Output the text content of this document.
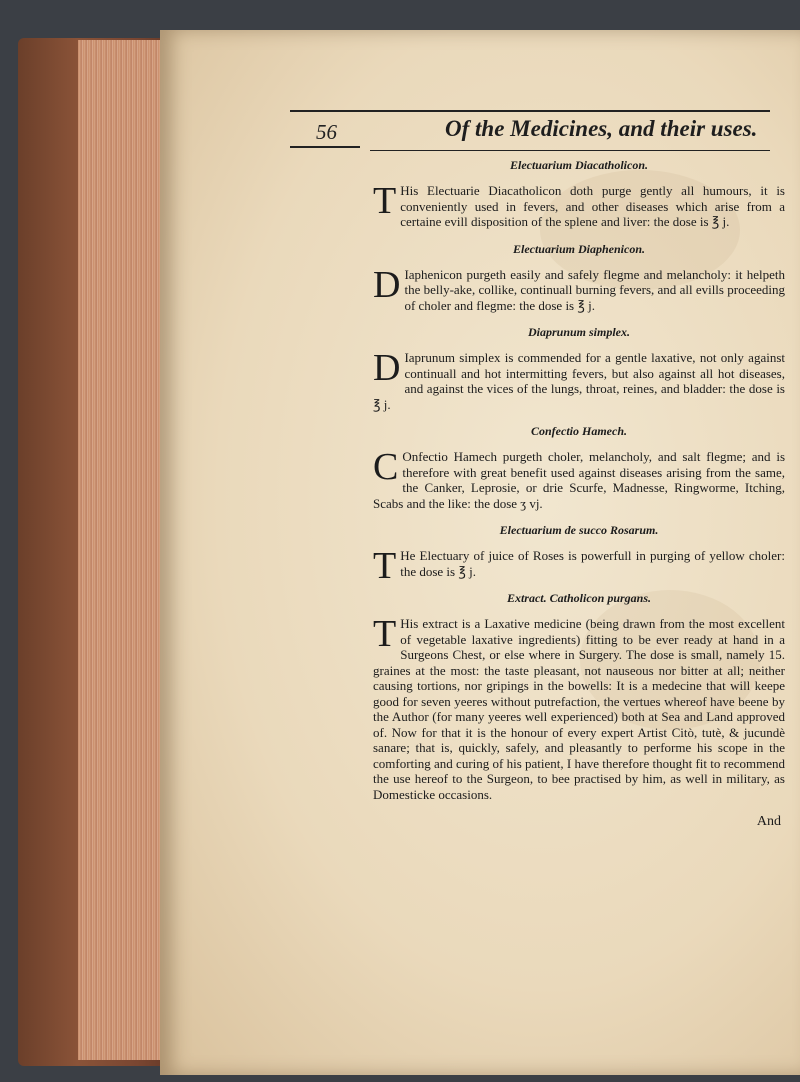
56	Of the Medicines, and their uses.

Electuarium Diacatholicon.

T His Electuarie Diacatholicon doth purge gently all humours, it is conveniently used in fevers, and other diseases which arise from a certaine evill disposition of the splene and liver: the dose is ℥ j.

Electuarium Diaphenicon.

D Iaphenicon purgeth easily and safely flegme and melancholy: it helpeth the belly-ake, collike, continuall burning fevers, and all evills proceeding of choler and flegme: the dose is ℥ j.

Diaprunum simplex.

D Iaprunum simplex is commended for a gentle laxative, not only against continuall and hot intermitting fevers, but also against all hot diseases, and against the vices of the lungs, throat, reines, and bladder: the dose is ℥ j.

Confectio Hamech.

C Onfectio Hamech purgeth choler, melancholy, and salt flegme; and is therefore with great benefit used against diseases arising from the same, the Canker, Leprosie, or drie Scurfe, Madnesse, Ringworme, Itching, Scabs and the like: the dose ʒ vj.

Electuarium de succo Rosarum.

T He Electuary of juice of Roses is powerfull in purging of yellow choler: the dose is ℥ j.

Extract. Catholicon purgans.

T His extract is a Laxative medicine (being drawn from the most excellent of vegetable laxative ingredients) fitting to be ever ready at hand in a Surgeons Chest, or else where in Surgery. The dose is small, namely 15. graines at the most: the taste pleasant, not nauseous nor bitter at all; neither causing tortions, nor gripings in the bowells: It is a medecine that will keepe good for seven yeeres without putrefaction, the vertues whereof have beene by the Author (for many yeeres well experienced) both at Sea and Land approved of. Now for that it is the honour of every expert Artist Citò, tutè, & jucundè sanare; that is, quickly, safely, and pleasantly to performe his scope in the comforting and curing of his patient, I have therefore thought fit to recommend the use hereof to the Surgeon, to bee practised by him, as well in military, as Domesticke occasions.

And
